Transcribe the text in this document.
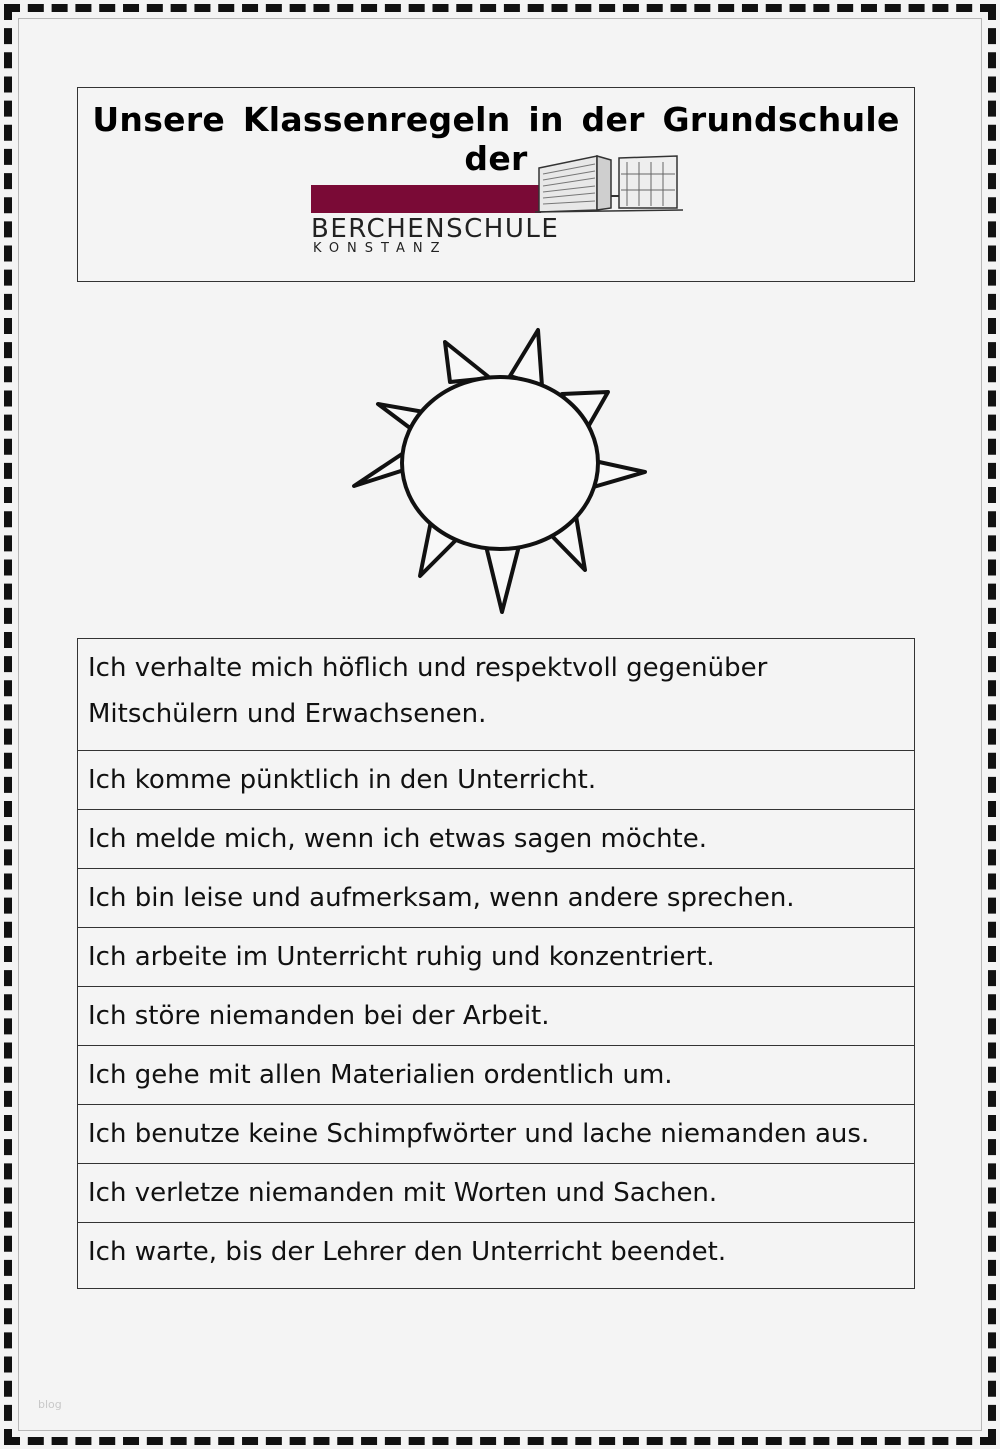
Unsere Klassenregeln in der Grundschule der
BERCHENSCHULE
KONSTANZ
Ich verhalte mich höflich und respektvoll gegenüber Mitschülern und Erwachsenen.
Ich komme pünktlich in den Unterricht.
Ich melde mich, wenn ich etwas sagen möchte.
Ich bin leise und aufmerksam, wenn andere sprechen.
Ich arbeite im Unterricht ruhig und konzentriert.
Ich störe niemanden bei der Arbeit.
Ich gehe mit allen Materialien ordentlich um.
Ich benutze keine Schimpfwörter und lache niemanden aus.
Ich verletze niemanden mit Worten und Sachen.
Ich warte, bis der Lehrer den Unterricht beendet.
blog
